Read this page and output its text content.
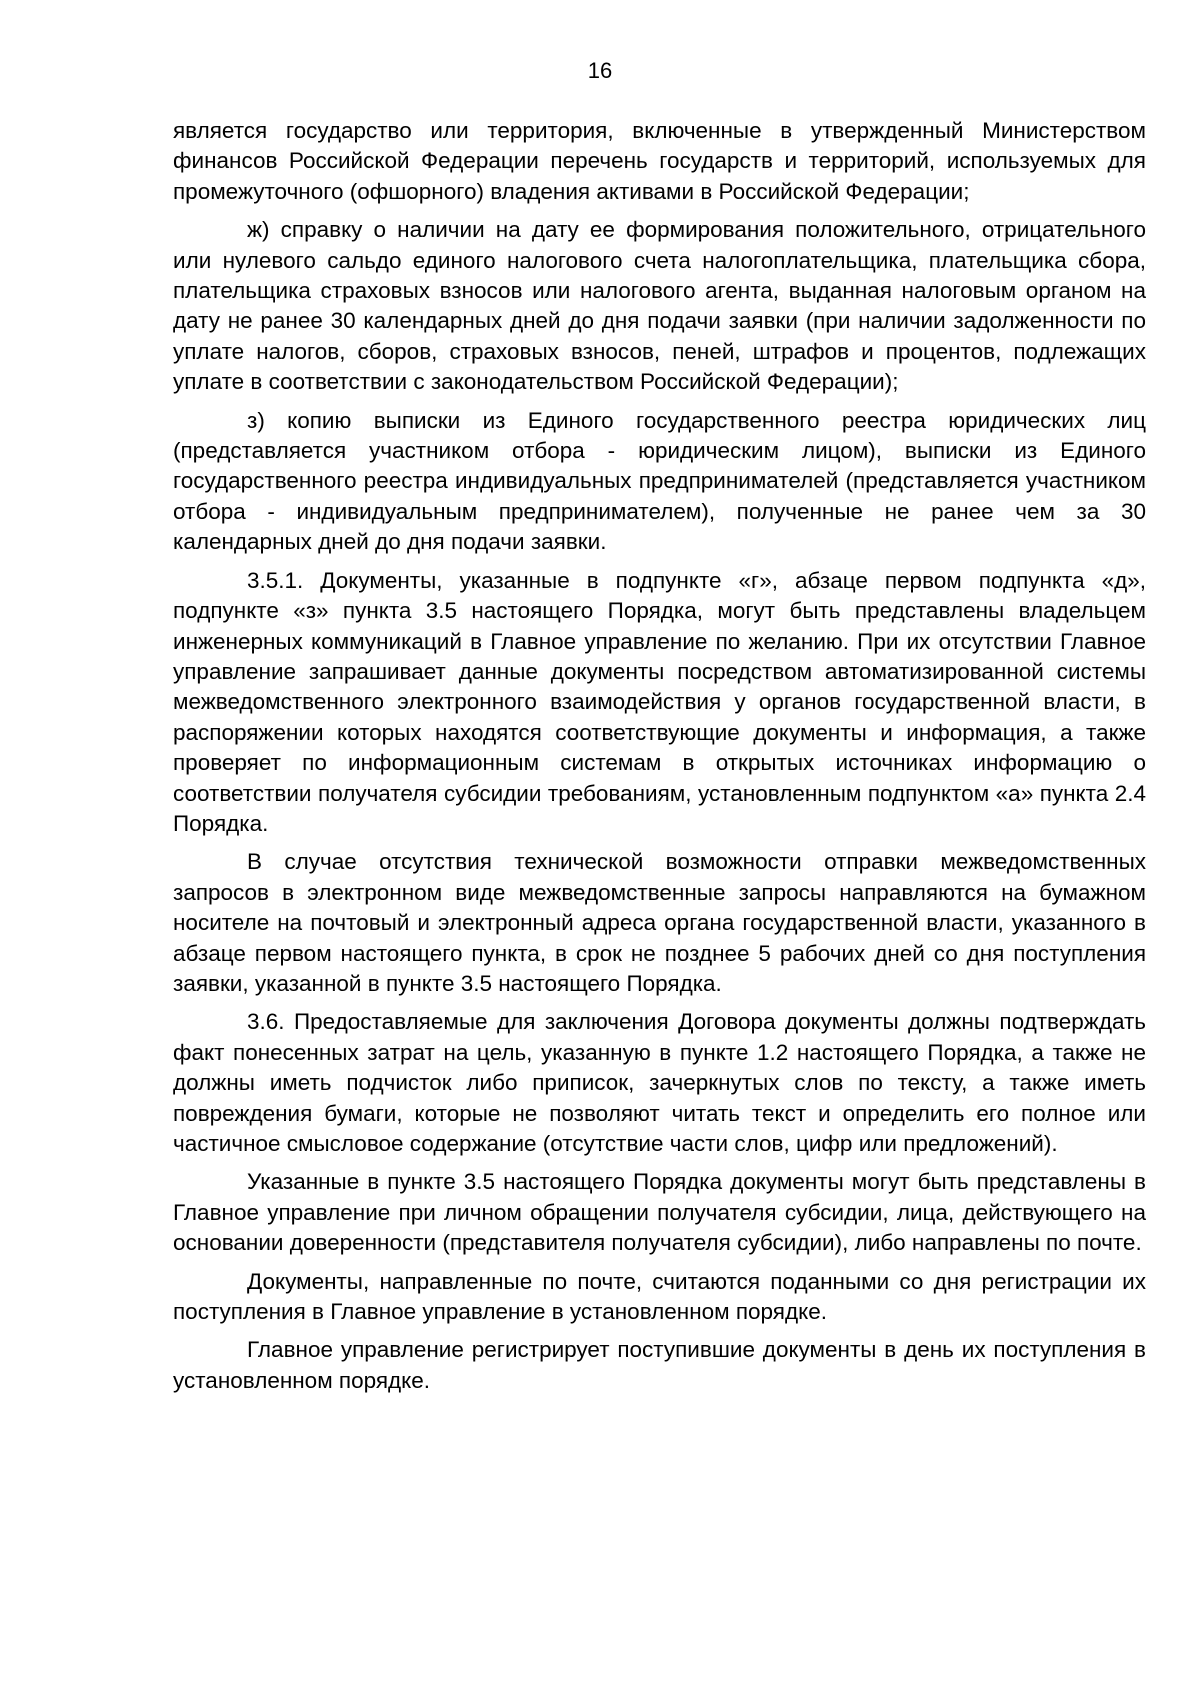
16

является государство или территория, включенные в утвержденный Министерством финансов Российской Федерации перечень государств и территорий, используемых для промежуточного (офшорного) владения активами в Российской Федерации;

ж) справку о наличии на дату ее формирования положительного, отрицательного или нулевого сальдо единого налогового счета налогоплательщика, плательщика сбора, плательщика страховых взносов или налогового агента, выданная налоговым органом на дату не ранее 30 календарных дней до дня подачи заявки (при наличии задолженности по уплате налогов, сборов, страховых взносов, пеней, штрафов и процентов, подлежащих уплате в соответствии с законодательством Российской Федерации);

з) копию выписки из Единого государственного реестра юридических лиц (представляется участником отбора - юридическим лицом), выписки из Единого государственного реестра индивидуальных предпринимателей (представляется участником отбора - индивидуальным предпринимателем), полученные не ранее чем за 30 календарных дней до дня подачи заявки.

3.5.1. Документы, указанные в подпункте «г», абзаце первом подпункта «д», подпункте «з» пункта 3.5 настоящего Порядка, могут быть представлены владельцем инженерных коммуникаций в Главное управление по желанию. При их отсутствии Главное управление запрашивает данные документы посредством автоматизированной системы межведомственного электронного взаимодействия у органов государственной власти, в распоряжении которых находятся соответствующие документы и информация, а также проверяет по информационным системам в открытых источниках информацию о соответствии получателя субсидии требованиям, установленным подпунктом «а» пункта 2.4 Порядка.

В случае отсутствия технической возможности отправки межведомственных запросов в электронном виде межведомственные запросы направляются на бумажном носителе на почтовый и электронный адреса органа государственной власти, указанного в абзаце первом настоящего пункта, в срок не позднее 5 рабочих дней со дня поступления заявки, указанной в пункте 3.5 настоящего Порядка.

3.6. Предоставляемые для заключения Договора документы должны подтверждать факт понесенных затрат на цель, указанную в пункте 1.2 настоящего Порядка, а также не должны иметь подчисток либо приписок, зачеркнутых слов по тексту, а также иметь повреждения бумаги, которые не позволяют читать текст и определить его полное или частичное смысловое содержание (отсутствие части слов, цифр или предложений).

Указанные в пункте 3.5 настоящего Порядка документы могут быть представлены в Главное управление при личном обращении получателя субсидии, лица, действующего на основании доверенности (представителя получателя субсидии), либо направлены по почте.

Документы, направленные по почте, считаются поданными со дня регистрации их поступления в Главное управление в установленном порядке.

Главное управление регистрирует поступившие документы в день их поступления в установленном порядке.
